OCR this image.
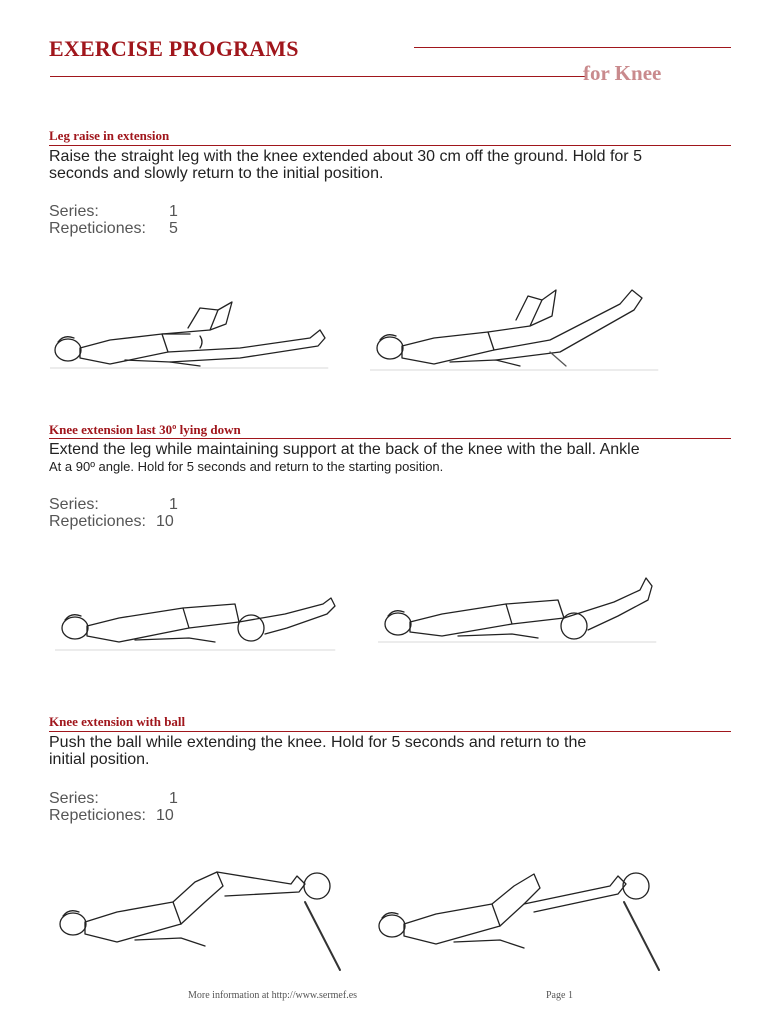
EXERCISE PROGRAMS
for Knee
Leg raise in extension
Raise the straight leg with the knee extended about 30 cm off the ground. Hold for 5
seconds and slowly return to the initial position.
Series:	1
Repeticiones: 5
Knee extension last 30º lying down
Extend the leg while maintaining support at the back of the knee with the ball. Ankle
At a 90º angle. Hold for 5 seconds and return to the starting position.
Series:	1
Repeticiones: 10
Knee extension with ball
Push the ball while extending the knee. Hold for 5 seconds and return to the
initial position.
Series:	1
Repeticiones: 10
More information at http://www.sermef.es	Page 1
